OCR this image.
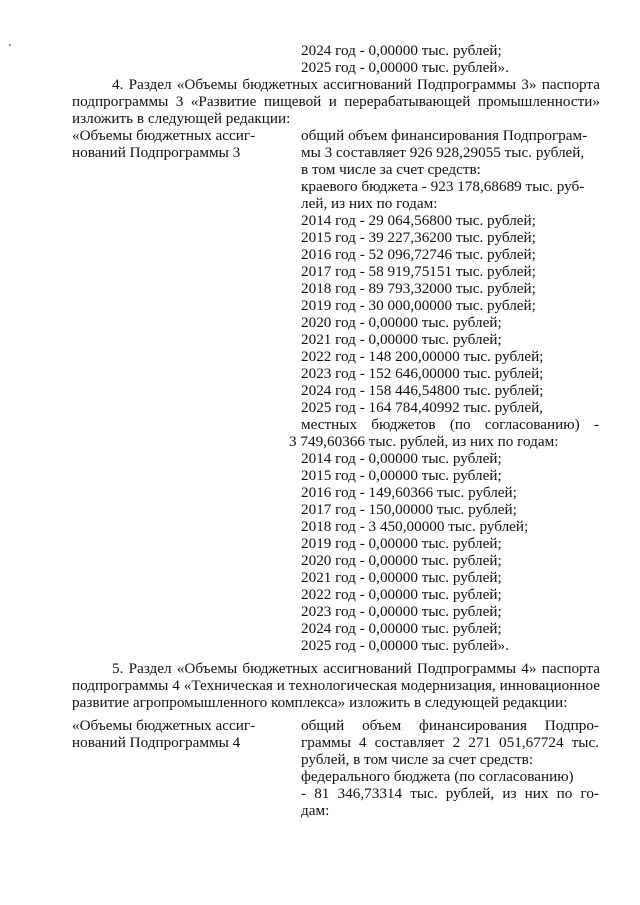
2024 год - 0,00000 тыс. рублей;
2025 год - 0,00000 тыс. рублей».
4. Раздел «Объемы бюджетных ассигнований Подпрограммы 3» паспорта
подпрограммы 3 «Развитие пищевой и перерабатывающей промышленности»
изложить в следующей редакции:
«Объемы бюджетных ассиг-
нований Подпрограммы 3
общий объем финансирования Подпрограм-
мы 3 составляет 926 928,29055 тыс. рублей,
в том числе за счет средств:
краевого бюджета - 923 178,68689 тыс. руб-
лей, из них по годам:
2014 год - 29 064,56800 тыс. рублей;
2015 год - 39 227,36200 тыс. рублей;
2016 год - 52 096,72746 тыс. рублей;
2017 год - 58 919,75151 тыс. рублей;
2018 год - 89 793,32000 тыс. рублей;
2019 год - 30 000,00000 тыс. рублей;
2020 год - 0,00000 тыс. рублей;
2021 год - 0,00000 тыс. рублей;
2022 год - 148 200,00000 тыс. рублей;
2023 год - 152 646,00000 тыс. рублей;
2024 год - 158 446,54800 тыс. рублей;
2025 год - 164 784,40992 тыс. рублей,
местных бюджетов (по согласованию) -
3 749,60366 тыс. рублей, из них по годам:
2014 год - 0,00000 тыс. рублей;
2015 год - 0,00000 тыс. рублей;
2016 год - 149,60366 тыс. рублей;
2017 год - 150,00000 тыс. рублей;
2018 год - 3 450,00000 тыс. рублей;
2019 год - 0,00000 тыс. рублей;
2020 год - 0,00000 тыс. рублей;
2021 год - 0,00000 тыс. рублей;
2022 год - 0,00000 тыс. рублей;
2023 год - 0,00000 тыс. рублей;
2024 год - 0,00000 тыс. рублей;
2025 год - 0,00000 тыс. рублей».
5. Раздел «Объемы бюджетных ассигнований Подпрограммы 4» паспорта
подпрограммы 4 «Техническая и технологическая модернизация, инновационное
развитие агропромышленного комплекса» изложить в следующей редакции:
«Объемы бюджетных ассиг-
нований Подпрограммы 4
общий объем финансирования Подпро-
граммы 4 составляет 2 271 051,67724 тыс.
рублей, в том числе за счет средств:
федерального бюджета (по согласованию)
- 81 346,73314 тыс. рублей, из них по го-
дам:
